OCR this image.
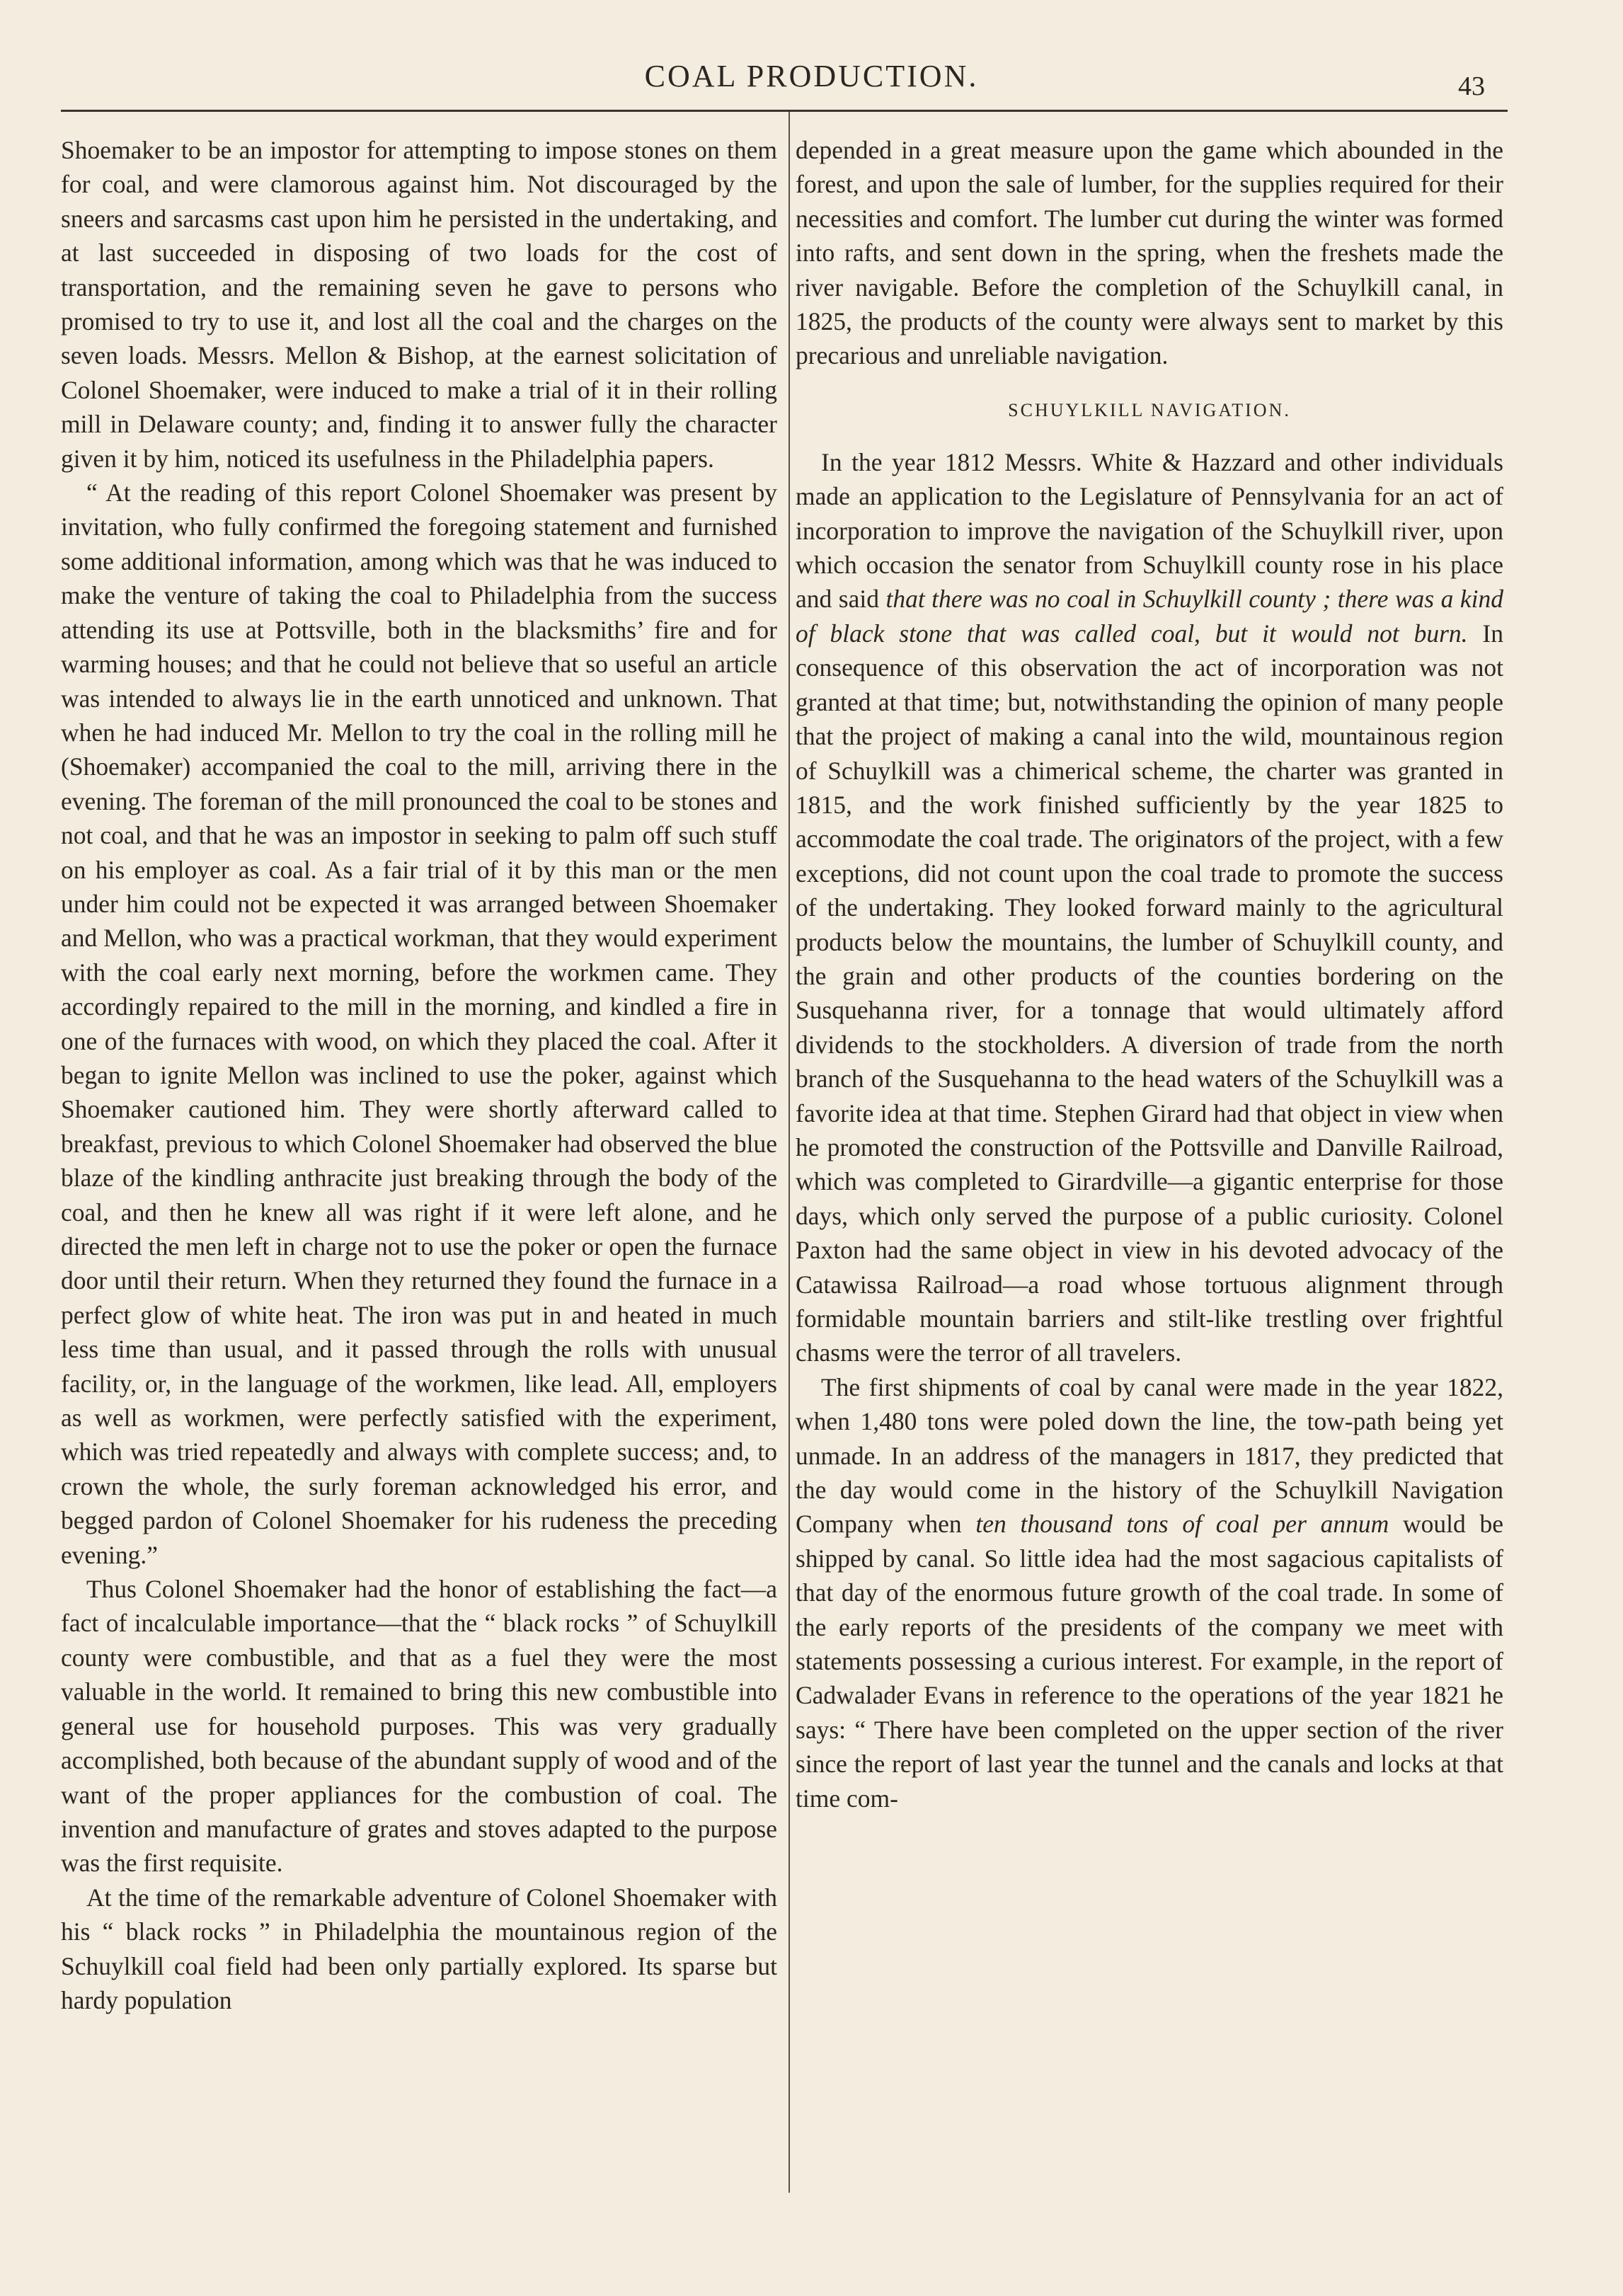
COAL PRODUCTION.	43

Shoemaker to be an impostor for attempting to impose stones on them for coal, and were clamorous against him. Not discouraged by the sneers and sarcasms cast upon him he persisted in the undertaking, and at last succeeded in disposing of two loads for the cost of transportation, and the remaining seven he gave to persons who promised to try to use it, and lost all the coal and the charges on the seven loads. Messrs. Mellon & Bishop, at the earnest solicitation of Colonel Shoemaker, were induced to make a trial of it in their rolling mill in Delaware county; and, finding it to answer fully the character given it by him, noticed its usefulness in the Philadelphia papers.

“ At the reading of this report Colonel Shoemaker was present by invitation, who fully confirmed the foregoing statement and furnished some additional information, among which was that he was induced to make the venture of taking the coal to Philadelphia from the success attending its use at Pottsville, both in the blacksmiths’ fire and for warming houses; and that he could not believe that so useful an article was intended to always lie in the earth unnoticed and unknown. That when he had induced Mr. Mellon to try the coal in the rolling mill he (Shoemaker) accompanied the coal to the mill, arriving there in the evening. The foreman of the mill pronounced the coal to be stones and not coal, and that he was an impostor in seeking to palm off such stuff on his employer as coal. As a fair trial of it by this man or the men under him could not be expected it was arranged between Shoemaker and Mellon, who was a practical workman, that they would experiment with the coal early next morning, before the workmen came. They accordingly repaired to the mill in the morning, and kindled a fire in one of the furnaces with wood, on which they placed the coal. After it began to ignite Mellon was inclined to use the poker, against which Shoemaker cautioned him. They were shortly afterward called to breakfast, previous to which Colonel Shoemaker had observed the blue blaze of the kindling anthracite just breaking through the body of the coal, and then he knew all was right if it were left alone, and he directed the men left in charge not to use the poker or open the furnace door until their return. When they returned they found the furnace in a perfect glow of white heat. The iron was put in and heated in much less time than usual, and it passed through the rolls with unusual facility, or, in the language of the workmen, like lead. All, employers as well as workmen, were perfectly satisfied with the experiment, which was tried repeatedly and always with complete success; and, to crown the whole, the surly foreman acknowledged his error, and begged pardon of Colonel Shoemaker for his rudeness the preceding evening.”

Thus Colonel Shoemaker had the honor of establishing the fact—a fact of incalculable importance—that the “ black rocks ” of Schuylkill county were combustible, and that as a fuel they were the most valuable in the world. It remained to bring this new combustible into general use for household purposes. This was very gradually accomplished, both because of the abundant supply of wood and of the want of the proper appliances for the combustion of coal. The invention and manufacture of grates and stoves adapted to the purpose was the first requisite.

At the time of the remarkable adventure of Colonel Shoemaker with his “ black rocks ” in Philadelphia the mountainous region of the Schuylkill coal field had been only partially explored. Its sparse but hardy population

depended in a great measure upon the game which abounded in the forest, and upon the sale of lumber, for the supplies required for their necessities and comfort. The lumber cut during the winter was formed into rafts, and sent down in the spring, when the freshets made the river navigable. Before the completion of the Schuylkill canal, in 1825, the products of the county were always sent to market by this precarious and unreliable navigation.

SCHUYLKILL NAVIGATION.

In the year 1812 Messrs. White & Hazzard and other individuals made an application to the Legislature of Pennsylvania for an act of incorporation to improve the navigation of the Schuylkill river, upon which occasion the senator from Schuylkill county rose in his place and said that there was no coal in Schuylkill county ; there was a kind of black stone that was called coal, but it would not burn. In consequence of this observation the act of incorporation was not granted at that time; but, notwithstanding the opinion of many people that the project of making a canal into the wild, mountainous region of Schuylkill was a chimerical scheme, the charter was granted in 1815, and the work finished sufficiently by the year 1825 to accommodate the coal trade. The originators of the project, with a few exceptions, did not count upon the coal trade to promote the success of the undertaking. They looked forward mainly to the agricultural products below the mountains, the lumber of Schuylkill county, and the grain and other products of the counties bordering on the Susquehanna river, for a tonnage that would ultimately afford dividends to the stockholders. A diversion of trade from the north branch of the Susquehanna to the head waters of the Schuylkill was a favorite idea at that time. Stephen Girard had that object in view when he promoted the construction of the Pottsville and Danville Railroad, which was completed to Girardville—a gigantic enterprise for those days, which only served the purpose of a public curiosity. Colonel Paxton had the same object in view in his devoted advocacy of the Catawissa Railroad—a road whose tortuous alignment through formidable mountain barriers and stilt-like trestling over frightful chasms were the terror of all travelers.

The first shipments of coal by canal were made in the year 1822, when 1,480 tons were poled down the line, the tow-path being yet unmade. In an address of the managers in 1817, they predicted that the day would come in the history of the Schuylkill Navigation Company when ten thousand tons of coal per annum would be shipped by canal. So little idea had the most sagacious capitalists of that day of the enormous future growth of the coal trade. In some of the early reports of the presidents of the company we meet with statements possessing a curious interest. For example, in the report of Cadwalader Evans in reference to the operations of the year 1821 he says: “ There have been completed on the upper section of the river since the report of last year the tunnel and the canals and locks at that time com-
